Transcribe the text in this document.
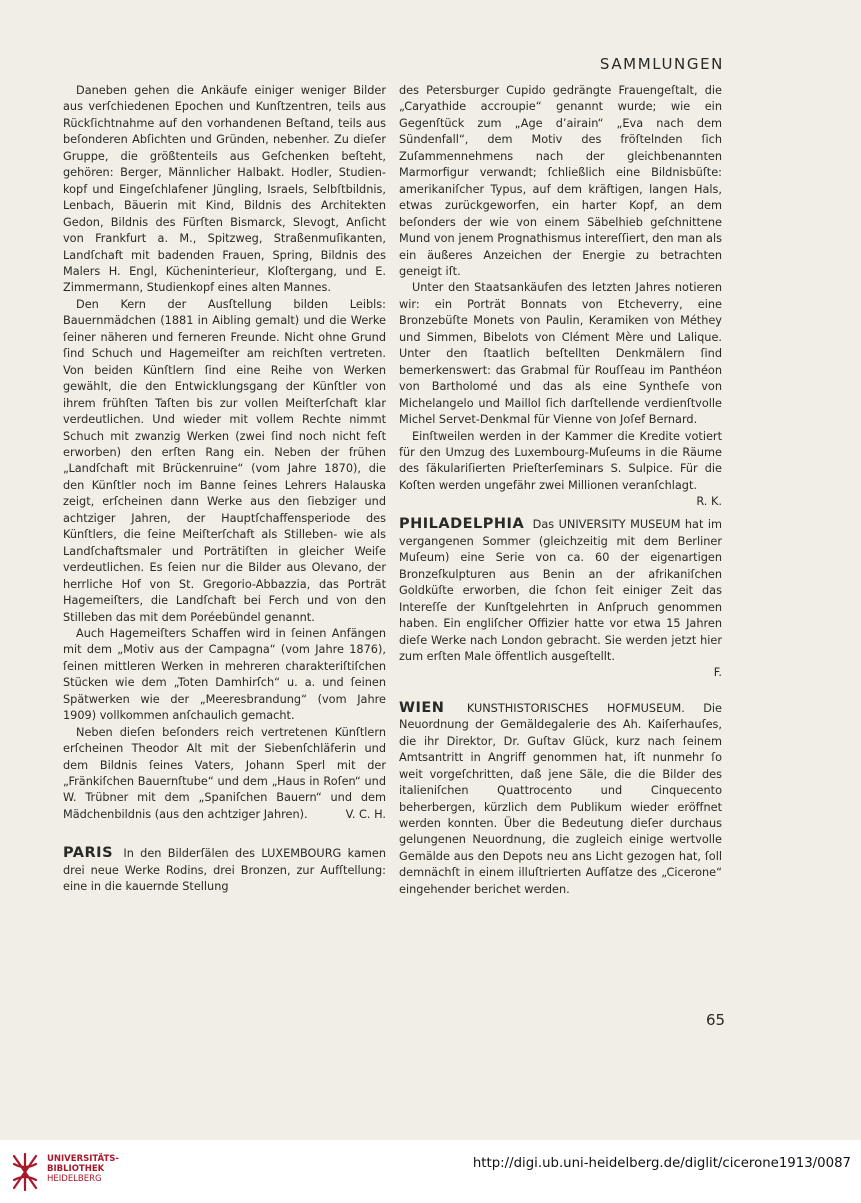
SAMMLUNGEN

Daneben gehen die Ankäufe einiger weniger Bilder aus verſchiedenen Epochen und Kunſtzentren, teils aus Rückſichtnahme auf den vorhandenen Beſtand, teils aus beſonderen Abſichten und Gründen, nebenher. Zu dieſer Gruppe, die größtenteils aus Geſchenken beſteht, gehören: Berger, Männlicher Halbakt. Hodler, Studienkopf und Eingeſchlafener Jüngling, Israels, Selbſtbildnis, Lenbach, Bäuerin mit Kind, Bildnis des Architekten Gedon, Bildnis des Fürſten Bismarck, Slevogt, Anſicht von Frankfurt a. M., Spitzweg, Straßenmuſikanten, Landſchaft mit badenden Frauen, Spring, Bildnis des Malers H. Engl, Kücheninterieur, Kloſtergang, und E. Zimmermann, Studienkopf eines alten Mannes.

Den Kern der Ausſtellung bilden Leibls: Bauernmädchen (1881 in Aibling gemalt) und die Werke ſeiner näheren und ferneren Freunde. Nicht ohne Grund ſind Schuch und Hagemeiſter am reichſten vertreten. Von beiden Künſtlern ſind eine Reihe von Werken gewählt, die den Entwicklungsgang der Künſtler von ihrem frühſten Taſten bis zur vollen Meiſterſchaft klar verdeutlichen. Und wieder mit vollem Rechte nimmt Schuch mit zwanzig Werken (zwei ſind noch nicht feſt erworben) den erſten Rang ein. Neben der frühen „Landſchaft mit Brückenruine“ (vom Jahre 1870), die den Künſtler noch im Banne ſeines Lehrers Halauska zeigt, erſcheinen dann Werke aus den ſiebziger und achtziger Jahren, der Hauptſchaffensperiode des Künſtlers, die ſeine Meiſterſchaft als Stilleben- wie als Landſchaftsmaler und Porträtiſten in gleicher Weiſe verdeutlichen. Es ſeien nur die Bilder aus Olevano, der herrliche Hof von St. Gregorio-Abbazzia, das Porträt Hagemeiſters, die Landſchaft bei Ferch und von den Stilleben das mit dem Poréebündel genannt.

Auch Hagemeiſters Schaffen wird in ſeinen Anfängen mit dem „Motiv aus der Campagna“ (vom Jahre 1876), ſeinen mittleren Werken in mehreren charakteriſtiſchen Stücken wie dem „Toten Damhirſch“ u. a. und ſeinen Spätwerken wie der „Meeresbrandung“ (vom Jahre 1909) vollkommen anſchaulich gemacht.

Neben dieſen beſonders reich vertretenen Künſtlern erſcheinen Theodor Alt mit der Siebenſchläferin und dem Bildnis ſeines Vaters, Johann Sperl mit der „Fränkiſchen Bauernſtube“ und dem „Haus in Roſen“ und W. Trübner mit dem „Spaniſchen Bauern“ und dem Mädchenbildnis (aus den achtziger Jahren).	V. C. H.

PARIS In den Bilderſälen des LUXEMBOURG kamen drei neue Werke Rodins, drei Bronzen, zur Aufſtellung: eine in die kauernde Stellung

des Petersburger Cupido gedrängte Frauengeſtalt, die „Caryathide accroupie“ genannt wurde; wie ein Gegenſtück zum „Age d’airain“ „Eva nach dem Sündenfall“, dem Motiv des fröſtelnden ſich Zuſammennehmens nach der gleichbenannten Marmorfigur verwandt; ſchließlich eine Bildnisbüſte: amerikaniſcher Typus, auf dem kräftigen, langen Hals, etwas zurückgeworfen, ein harter Kopf, an dem beſonders der wie von einem Säbelhieb geſchnittene Mund von jenem Prognathismus intereſſiert, den man als ein äußeres Anzeichen der Energie zu betrachten geneigt iſt.

Unter den Staatsankäufen des letzten Jahres notieren wir: ein Porträt Bonnats von Etcheverry, eine Bronzebüſte Monets von Paulin, Keramiken von Méthey und Simmen, Bibelots von Clément Mère und Lalique. Unter den ſtaatlich beſtellten Denkmälern ſind bemerkenswert: das Grabmal für Rouſſeau im Panthéon von Bartholomé und das als eine Syntheſe von Michelangelo und Maillol ſich darſtellende verdienſtvolle Michel Servet-Denkmal für Vienne von Joſef Bernard.

Einſtweilen werden in der Kammer die Kredite votiert für den Umzug des Luxembourg-Muſeums in die Räume des ſäkulariſierten Prieſterſeminars S. Sulpice. Für die Koſten werden ungefähr zwei Millionen veranſchlagt.
R. K.

PHILADELPHIA Das UNIVERSITY MUSEUM hat im vergangenen Sommer (gleichzeitig mit dem Berliner Muſeum) eine Serie von ca. 60 der eigenartigen Bronzeſkulpturen aus Benin an der afrikaniſchen Goldküſte erworben, die ſchon ſeit einiger Zeit das Intereſſe der Kunſtgelehrten in Anſpruch genommen haben. Ein engliſcher Offizier hatte vor etwa 15 Jahren dieſe Werke nach London gebracht. Sie werden jetzt hier zum erſten Male öffentlich ausgeſtellt.

F.

WIEN KUNSTHISTORISCHES HOFMUSEUM. Die Neuordnung der Gemäldegalerie des Ah. Kaiſerhauſes, die ihr Direktor, Dr. Guſtav Glück, kurz nach ſeinem Amtsantritt in Angriff genommen hat, iſt nunmehr ſo weit vorgeſchritten, daß jene Säle, die die Bilder des italieniſchen Quattrocento und Cinquecento beherbergen, kürzlich dem Publikum wieder eröffnet werden konnten. Über die Bedeutung dieſer durchaus gelungenen Neuordnung, die zugleich einige wertvolle Gemälde aus den Depots neu ans Licht gezogen hat, ſoll demnächſt in einem illuſtrierten Aufſatze des „Cicerone“ eingehender berichet werden.

65
UNIVERSITÄTS-
BIBLIOTHEK
HEIDELBERG
http://digi.ub.uni-heidelberg.de/diglit/cicerone1913/0087
